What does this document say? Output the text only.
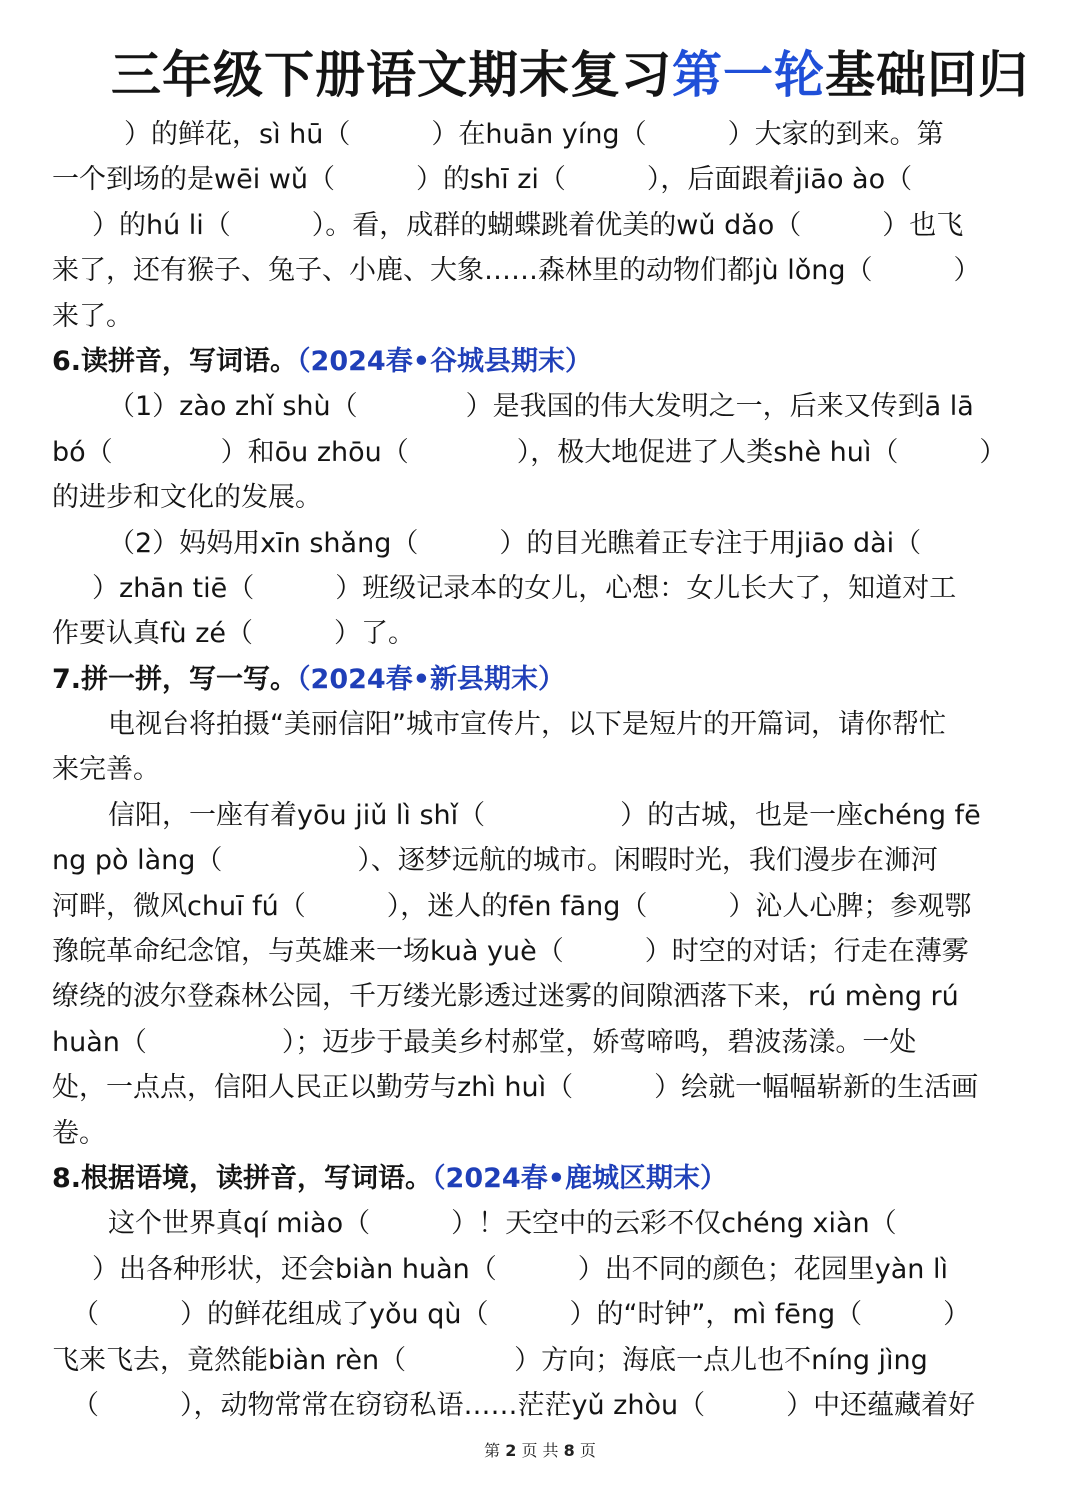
三年级下册语文期末复习第一轮基础回归
）的鲜花，sì hū（　　　）在huān yíng（　　　）大家的到来。第
一个到场的是wēi wǔ（　　　）的shī zi（　　　），后面跟着jiāo ào（
）的hú li（　　　）。看，成群的蝴蝶跳着优美的wǔ dǎo（　　　）也飞
来了，还有猴子、兔子、小鹿、大象……森林里的动物们都jù lǒng（　　　）
来了。
6.读拼音，写词语。（2024春•谷城县期末）
（1）zào zhǐ shù（　　　　）是我国的伟大发明之一，后来又传到ā lā
bó（　　　　）和ōu zhōu（　　　　），极大地促进了人类shè huì（　　　）
的进步和文化的发展。
（2）妈妈用xīn shǎng（　　　）的目光瞧着正专注于用jiāo dài（
）zhān tiē（　　　）班级记录本的女儿，心想：女儿长大了，知道对工
作要认真fù zé（　　　）了。
7.拼一拼，写一写。（2024春•新县期末）
电视台将拍摄“美丽信阳”城市宣传片，以下是短片的开篇词，请你帮忙
来完善。
信阳，一座有着yōu jiǔ lì shǐ（　　　　　）的古城，也是一座chéng fē
ng pò làng（　　　　　）、逐梦远航的城市。闲暇时光，我们漫步在浉河
河畔，微风chuī fú（　　　），迷人的fēn fāng（　　　）沁人心脾；参观鄂
豫皖革命纪念馆，与英雄来一场kuà yuè（　　　）时空的对话；行走在薄雾
缭绕的波尔登森林公园，千万缕光影透过迷雾的间隙洒落下来，rú mèng rú
huàn（　　　　　）；迈步于最美乡村郝堂，娇莺啼鸣，碧波荡漾。一处
处，一点点，信阳人民正以勤劳与zhì huì（　　　）绘就一幅幅崭新的生活画
卷。
8.根据语境，读拼音，写词语。（2024春•鹿城区期末）
这个世界真qí miào（　　　）！天空中的云彩不仅chéng xiàn（
）出各种形状，还会biàn huàn（　　　）出不同的颜色；花园里yàn lì
（　　　）的鲜花组成了yǒu qù（　　　）的“时钟”，mì fēng（　　　）
飞来飞去，竟然能biàn rèn（　　　　）方向；海底一点儿也不níng jìng
（　　　），动物常常在窃窃私语……茫茫yǔ zhòu（　　　）中还蕴藏着好
第 2 页 共 8 页
